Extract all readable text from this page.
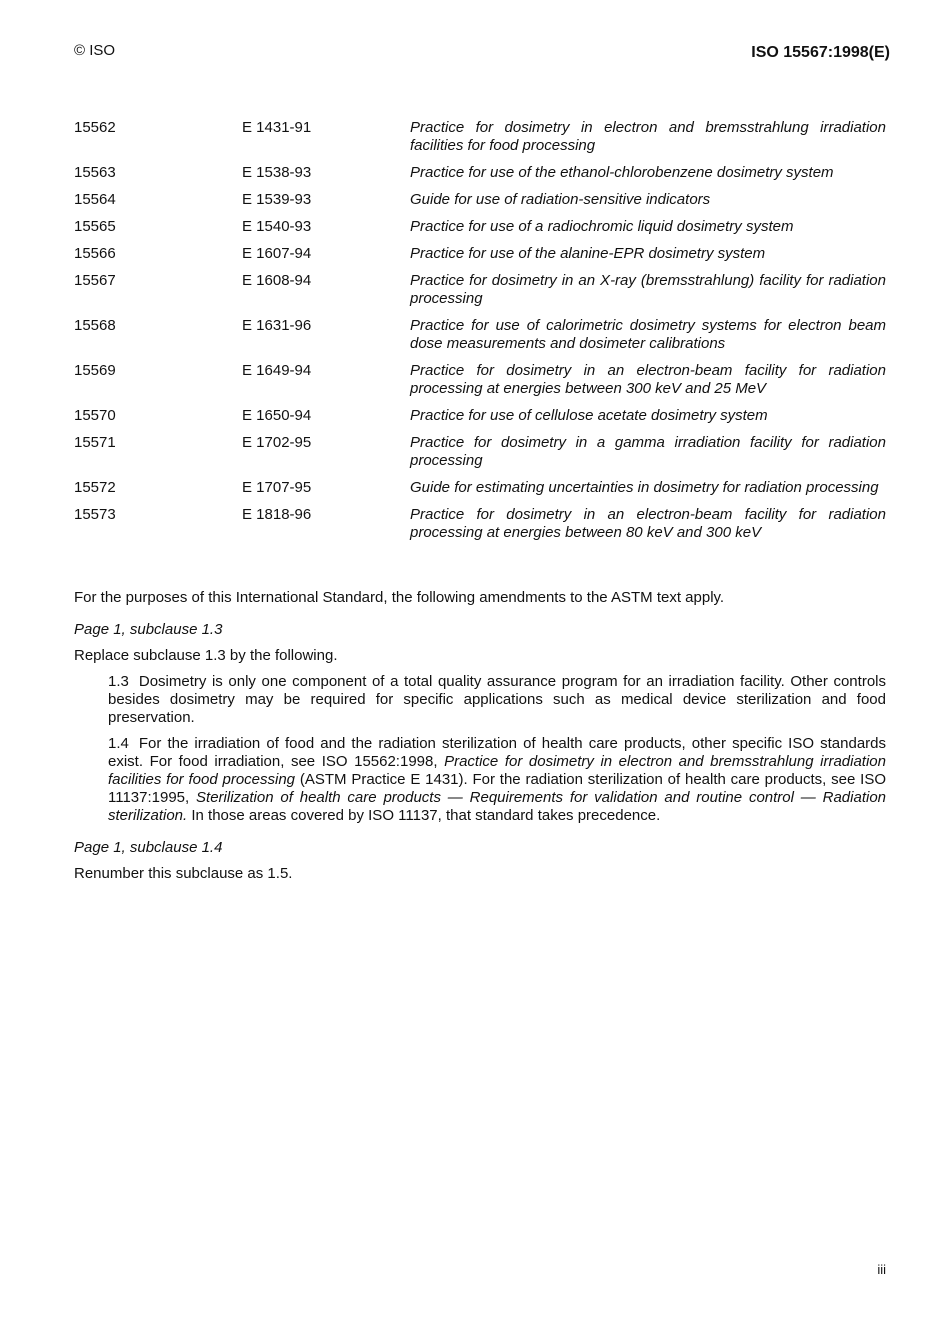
© ISO	ISO 15567:1998(E)
15562	E 1431-91	Practice for dosimetry in electron and bremsstrahlung irradiation facilities for food processing
15563	E 1538-93	Practice for use of the ethanol-chlorobenzene dosimetry system
15564	E 1539-93	Guide for use of radiation-sensitive indicators
15565	E 1540-93	Practice for use of a radiochromic liquid dosimetry system
15566	E 1607-94	Practice for use of the alanine-EPR dosimetry system
15567	E 1608-94	Practice for dosimetry in an X-ray (bremsstrahlung) facility for radiation processing
15568	E 1631-96	Practice for use of calorimetric dosimetry systems for electron beam dose measurements and dosimeter calibrations
15569	E 1649-94	Practice for dosimetry in an electron-beam facility for radiation processing at energies between 300 keV and 25 MeV
15570	E 1650-94	Practice for use of cellulose acetate dosimetry system
15571	E 1702-95	Practice for dosimetry in a gamma irradiation facility for radiation processing
15572	E 1707-95	Guide for estimating uncertainties in dosimetry for radiation processing
15573	E 1818-96	Practice for dosimetry in an electron-beam facility for radiation processing at energies between 80 keV and 300 keV

For the purposes of this International Standard, the following amendments to the ASTM text apply.

Page 1, subclause 1.3

Replace subclause 1.3 by the following.

1.3 Dosimetry is only one component of a total quality assurance program for an irradiation facility. Other controls besides dosimetry may be required for specific applications such as medical device sterilization and food preservation.

1.4 For the irradiation of food and the radiation sterilization of health care products, other specific ISO standards exist. For food irradiation, see ISO 15562:1998, Practice for dosimetry in electron and bremsstrahlung irradiation facilities for food processing (ASTM Practice E 1431). For the radiation sterilization of health care products, see ISO 11137:1995, Sterilization of health care products — Requirements for validation and routine control — Radiation sterilization. In those areas covered by ISO 11137, that standard takes precedence.

Page 1, subclause 1.4

Renumber this subclause as 1.5.

iii
